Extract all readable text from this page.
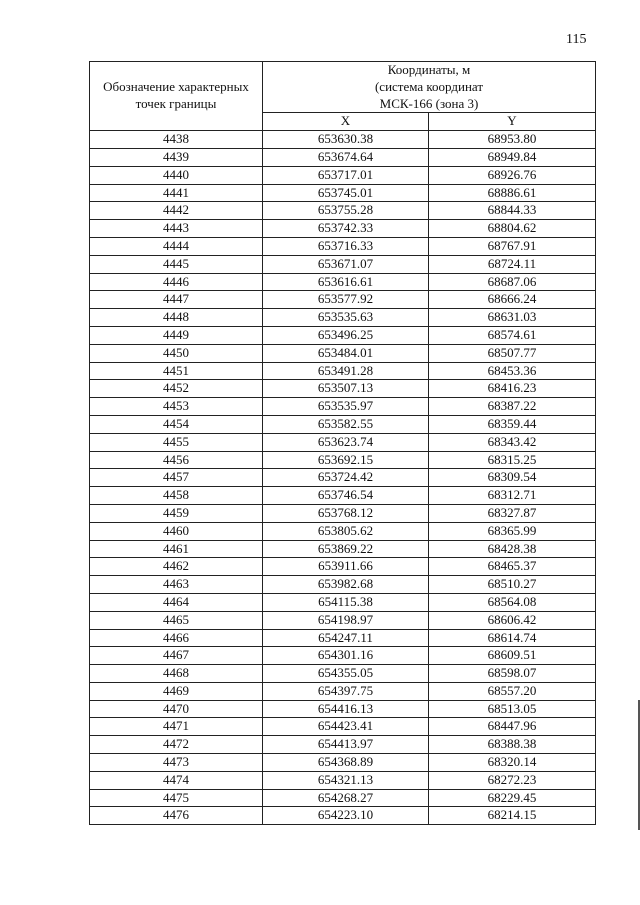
115
Обозначение характерных точек границы	Координаты, м
(система координат
МСК-166 (зона 3)	

	X	Y
4438	653630.38	68953.80
4439	653674.64	68949.84
4440	653717.01	68926.76
4441	653745.01	68886.61
4442	653755.28	68844.33
4443	653742.33	68804.62
4444	653716.33	68767.91
4445	653671.07	68724.11
4446	653616.61	68687.06
4447	653577.92	68666.24
4448	653535.63	68631.03
4449	653496.25	68574.61
4450	653484.01	68507.77
4451	653491.28	68453.36
4452	653507.13	68416.23
4453	653535.97	68387.22
4454	653582.55	68359.44
4455	653623.74	68343.42
4456	653692.15	68315.25
4457	653724.42	68309.54
4458	653746.54	68312.71
4459	653768.12	68327.87
4460	653805.62	68365.99
4461	653869.22	68428.38
4462	653911.66	68465.37
4463	653982.68	68510.27
4464	654115.38	68564.08
4465	654198.97	68606.42
4466	654247.11	68614.74
4467	654301.16	68609.51
4468	654355.05	68598.07
4469	654397.75	68557.20
4470	654416.13	68513.05
4471	654423.41	68447.96
4472	654413.97	68388.38
4473	654368.89	68320.14
4474	654321.13	68272.23
4475	654268.27	68229.45
4476	654223.10	68214.15
